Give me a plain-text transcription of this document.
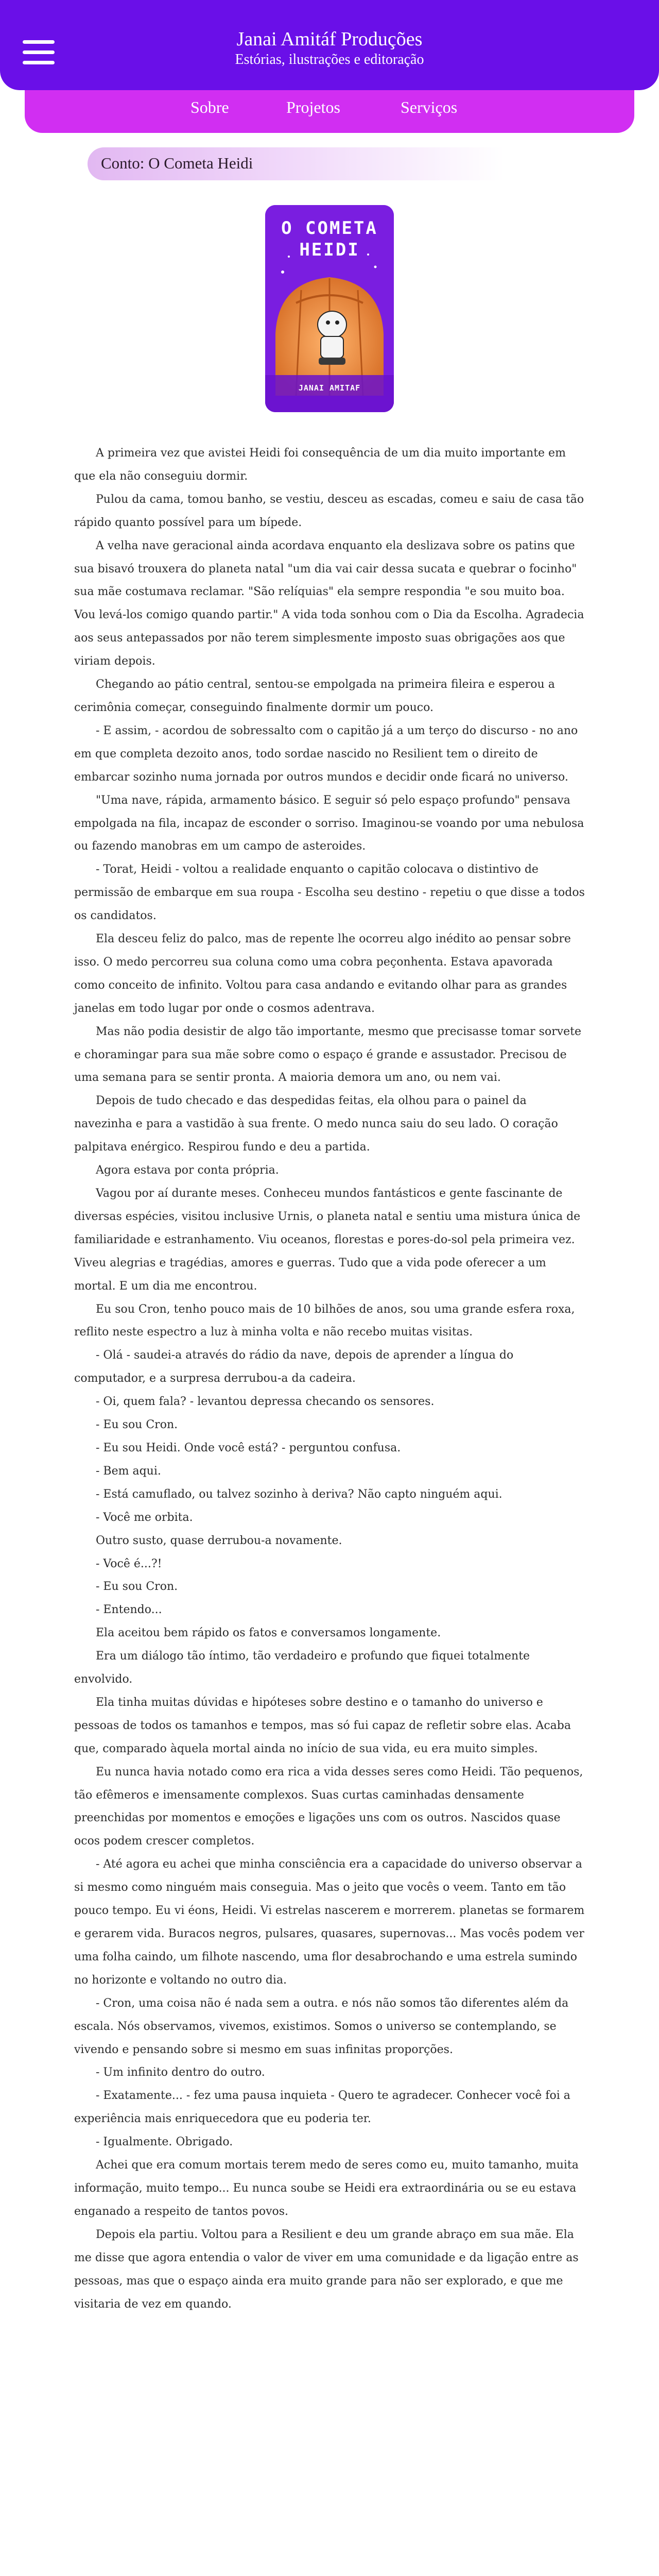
Janai Amitáf Produções
Estórias, ilustrações e editoração
Sobre	Projetos	Serviços
Conto: O Cometa Heidi
O COMETA
HEIDI
JANAI AMITAF

A primeira vez que avistei Heidi foi consequência de um dia muito importante em que ela não conseguiu dormir.

Pulou da cama, tomou banho, se vestiu, desceu as escadas, comeu e saiu de casa tão rápido quanto possível para um bípede.

A velha nave geracional ainda acordava enquanto ela deslizava sobre os patins que sua bisavó trouxera do planeta natal "um dia vai cair dessa sucata e quebrar o focinho" sua mãe costumava reclamar. "São relíquias" ela sempre respondia "e sou muito boa. Vou levá-los comigo quando partir." A vida toda sonhou com o Dia da Escolha. Agradecia aos seus antepassados por não terem simplesmente imposto suas obrigações aos que viriam depois.

Chegando ao pátio central, sentou-se empolgada na primeira fileira e esperou a cerimônia começar, conseguindo finalmente dormir um pouco.

- E assim, - acordou de sobressalto com o capitão já a um terço do discurso - no ano em que completa dezoito anos, todo sordae nascido no Resilient tem o direito de embarcar sozinho numa jornada por outros mundos e decidir onde ficará no universo.

"Uma nave, rápida, armamento básico. E seguir só pelo espaço profundo" pensava empolgada na fila, incapaz de esconder o sorriso. Imaginou-se voando por uma nebulosa ou fazendo manobras em um campo de asteroides.

- Torat, Heidi - voltou a realidade enquanto o capitão colocava o distintivo de permissão de embarque em sua roupa - Escolha seu destino - repetiu o que disse a todos os candidatos.

Ela desceu feliz do palco, mas de repente lhe ocorreu algo inédito ao pensar sobre isso. O medo percorreu sua coluna como uma cobra peçonhenta. Estava apavorada como conceito de infinito. Voltou para casa andando e evitando olhar para as grandes janelas em todo lugar por onde o cosmos adentrava.

Mas não podia desistir de algo tão importante, mesmo que precisasse tomar sorvete e choramingar para sua mãe sobre como o espaço é grande e assustador. Precisou de uma semana para se sentir pronta. A maioria demora um ano, ou nem vai.

Depois de tudo checado e das despedidas feitas, ela olhou para o painel da navezinha e para a vastidão à sua frente. O medo nunca saiu do seu lado. O coração palpitava enérgico. Respirou fundo e deu a partida.

Agora estava por conta própria.

Vagou por aí durante meses. Conheceu mundos fantásticos e gente fascinante de diversas espécies, visitou inclusive Urnis, o planeta natal e sentiu uma mistura única de familiaridade e estranhamento. Viu oceanos, florestas e pores-do-sol pela primeira vez. Viveu alegrias e tragédias, amores e guerras. Tudo que a vida pode oferecer a um mortal. E um dia me encontrou.

Eu sou Cron, tenho pouco mais de 10 bilhões de anos, sou uma grande esfera roxa, reflito neste espectro a luz à minha volta e não recebo muitas visitas.

- Olá - saudei-a através do rádio da nave, depois de aprender a língua do computador, e a surpresa derrubou-a da cadeira.

- Oi, quem fala? - levantou depressa checando os sensores.

- Eu sou Cron.

- Eu sou Heidi. Onde você está? - perguntou confusa.

- Bem aqui.

- Está camuflado, ou talvez sozinho à deriva? Não capto ninguém aqui.

- Você me orbita.

Outro susto, quase derrubou-a novamente.

- Você é...?!

- Eu sou Cron.

- Entendo...

Ela aceitou bem rápido os fatos e conversamos longamente.

Era um diálogo tão íntimo, tão verdadeiro e profundo que fiquei totalmente envolvido.

Ela tinha muitas dúvidas e hipóteses sobre destino e o tamanho do universo e pessoas de todos os tamanhos e tempos, mas só fui capaz de refletir sobre elas. Acaba que, comparado àquela mortal ainda no início de sua vida, eu era muito simples.

Eu nunca havia notado como era rica a vida desses seres como Heidi. Tão pequenos, tão efêmeros e imensamente complexos. Suas curtas caminhadas densamente preenchidas por momentos e emoções e ligações uns com os outros. Nascidos quase ocos podem crescer completos.

- Até agora eu achei que minha consciência era a capacidade do universo observar a si mesmo como ninguém mais conseguia. Mas o jeito que vocês o veem. Tanto em tão pouco tempo. Eu vi éons, Heidi. Vi estrelas nascerem e morrerem. planetas se formarem e gerarem vida. Buracos negros, pulsares, quasares, supernovas... Mas vocês podem ver uma folha caindo, um filhote nascendo, uma flor desabrochando e uma estrela sumindo no horizonte e voltando no outro dia.

- Cron, uma coisa não é nada sem a outra. e nós não somos tão diferentes além da escala. Nós observamos, vivemos, existimos. Somos o universo se contemplando, se vivendo e pensando sobre si mesmo em suas infinitas proporções.

- Um infinito dentro do outro.

- Exatamente... - fez uma pausa inquieta - Quero te agradecer. Conhecer você foi a experiência mais enriquecedora que eu poderia ter.

- Igualmente. Obrigado.

Achei que era comum mortais terem medo de seres como eu, muito tamanho, muita informação, muito tempo... Eu nunca soube se Heidi era extraordinária ou se eu estava enganado a respeito de tantos povos.

Depois ela partiu. Voltou para a Resilient e deu um grande abraço em sua mãe. Ela me disse que agora entendia o valor de viver em uma comunidade e da ligação entre as pessoas, mas que o espaço ainda era muito grande para não ser explorado, e que me visitaria de vez em quando.
